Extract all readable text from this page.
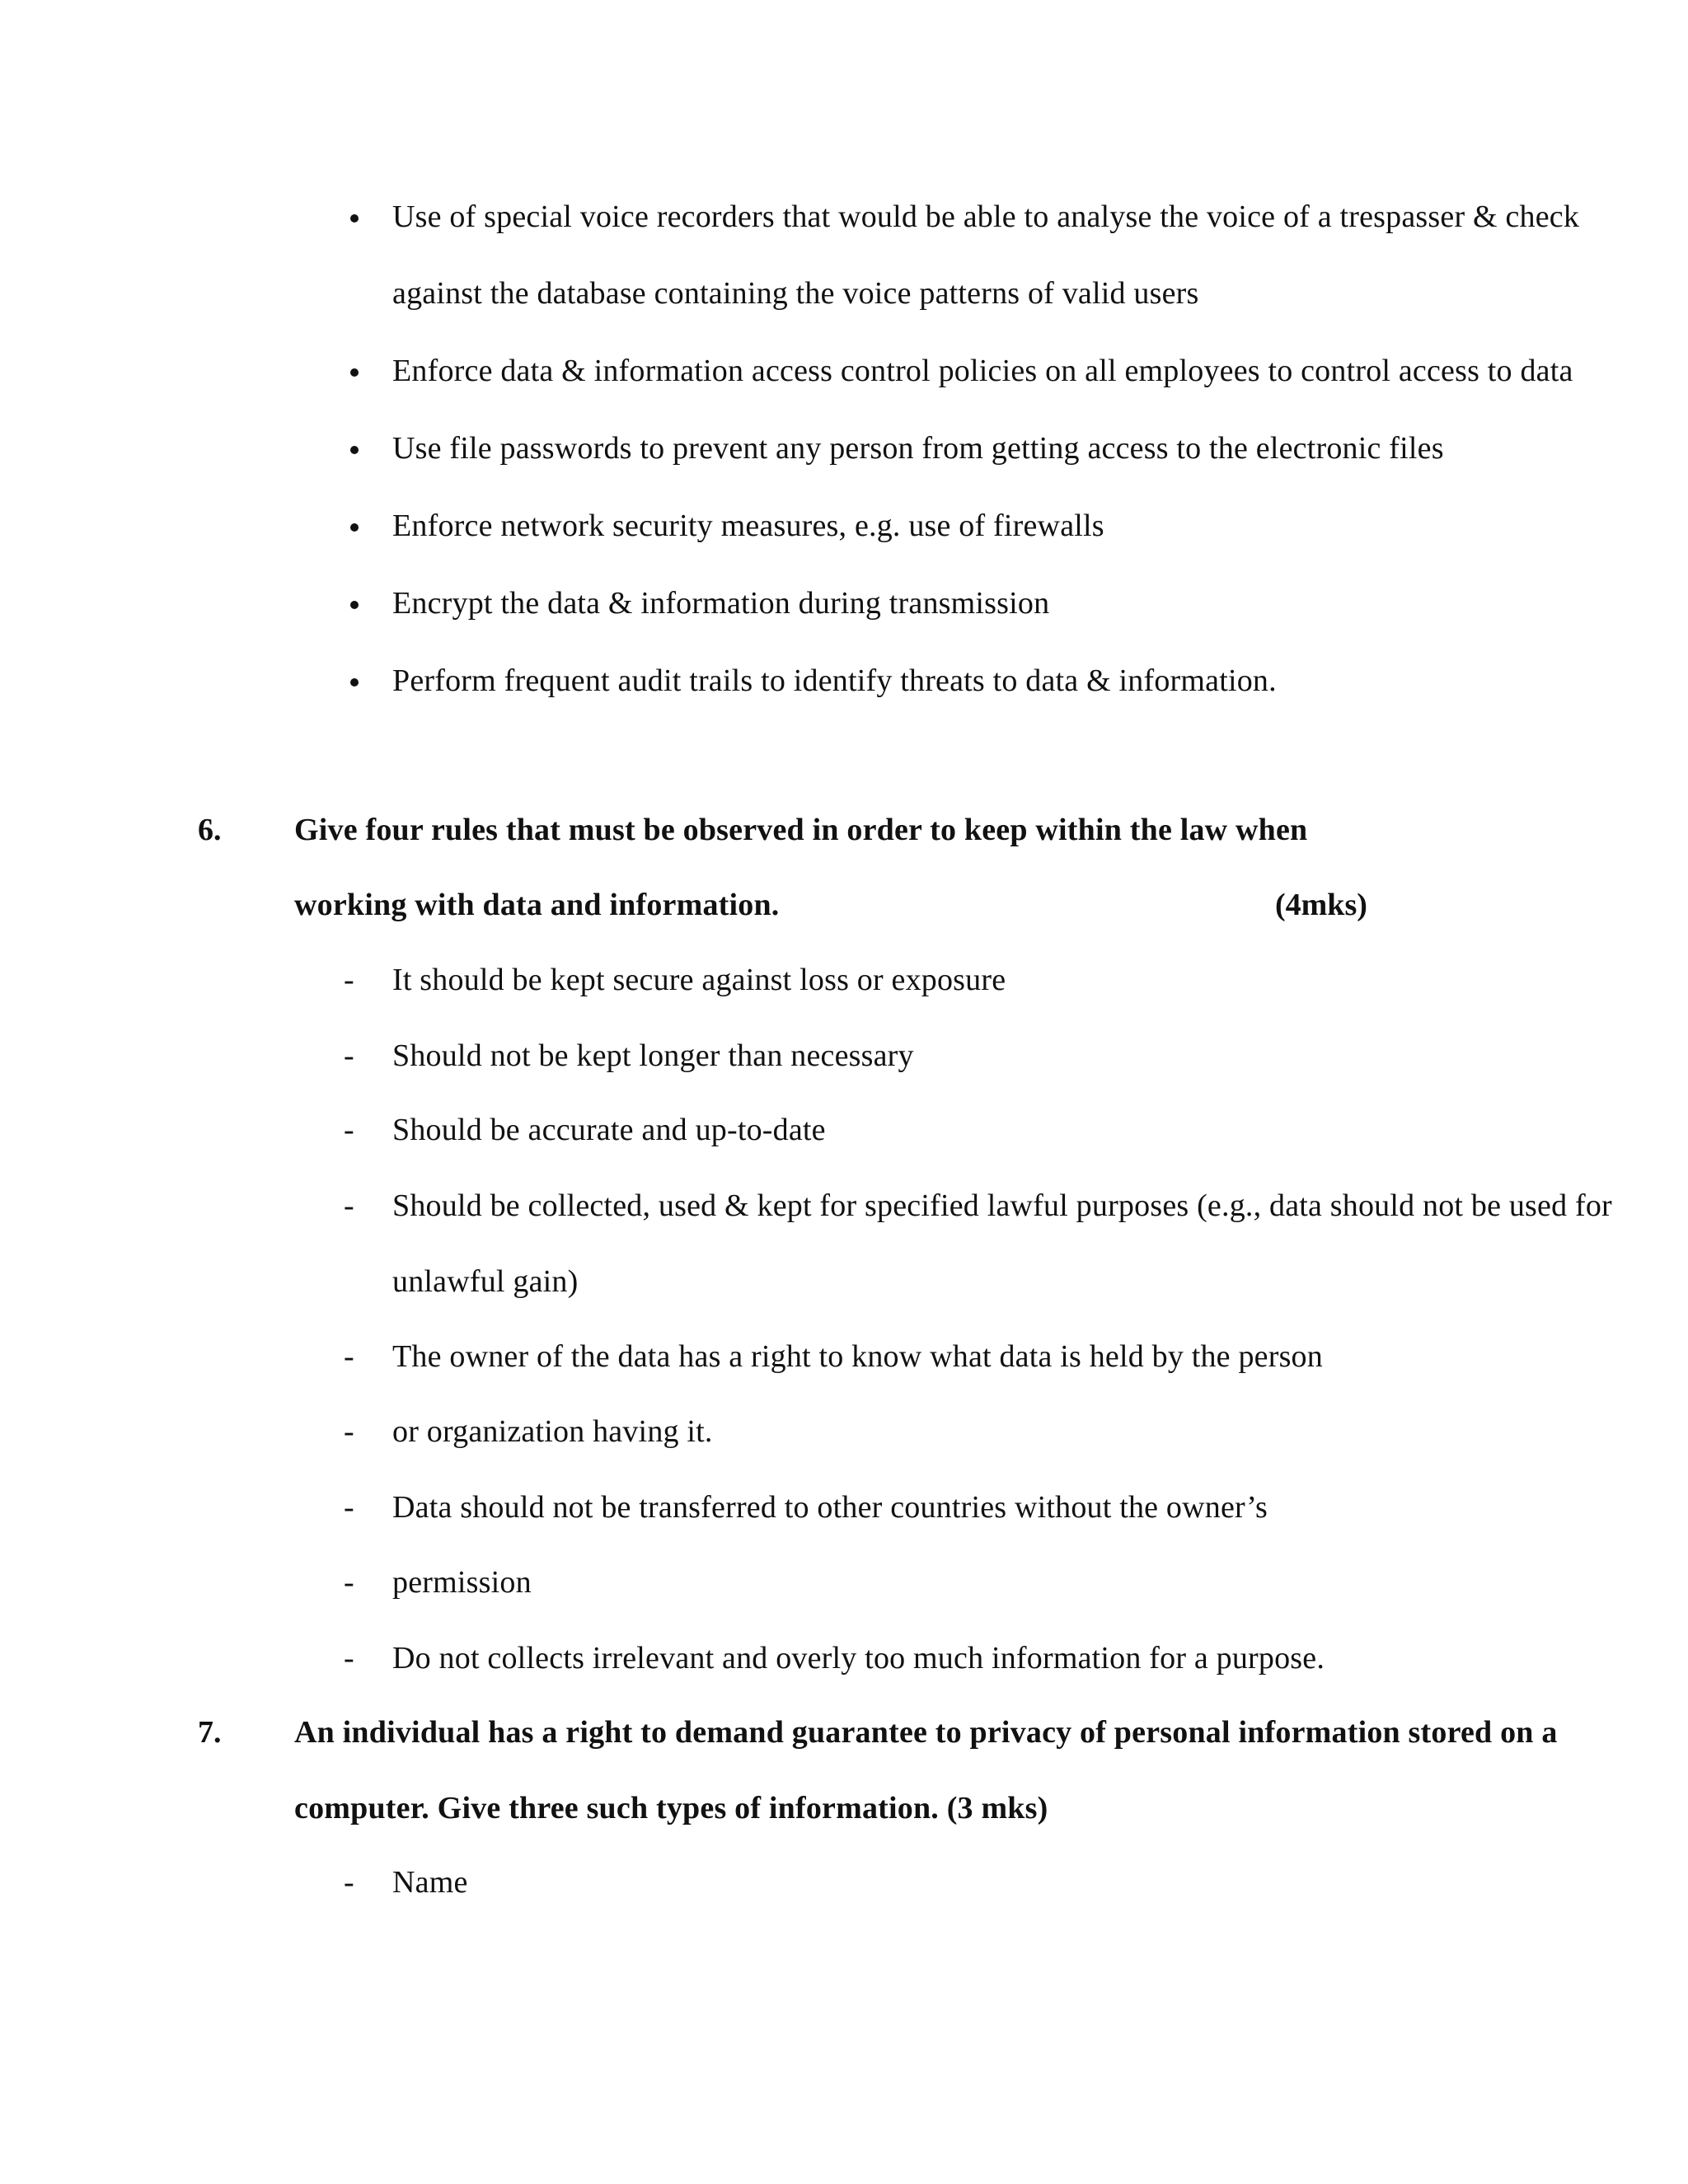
Use of special voice recorders that would be able to analyse the voice of a trespasser & check
against the database containing the voice patterns of valid users
Enforce data & information access control policies on all employees to control access to data
Use file passwords to prevent any person from getting access to the electronic files
Enforce network security measures, e.g. use of firewalls
Encrypt the data & information during transmission
Perform frequent audit trails to identify threats to data & information.
6. Give four rules that must be observed in order to keep within the law when
working with data and information.	(4mks)
- It should be kept secure against loss or exposure
- Should not be kept longer than necessary
- Should be accurate and up-to-date
- Should be collected, used & kept for specified lawful purposes (e.g., data should not be used for
unlawful gain)
- The owner of the data has a right to know what data is held by the person
- or organization having it.
- Data should not be transferred to other countries without the owner’s
- permission
- Do not collects irrelevant and overly too much information for a purpose.
7. An individual has a right to demand guarantee to privacy of personal information stored on a
computer. Give three such types of information. (3 mks)
- Name
